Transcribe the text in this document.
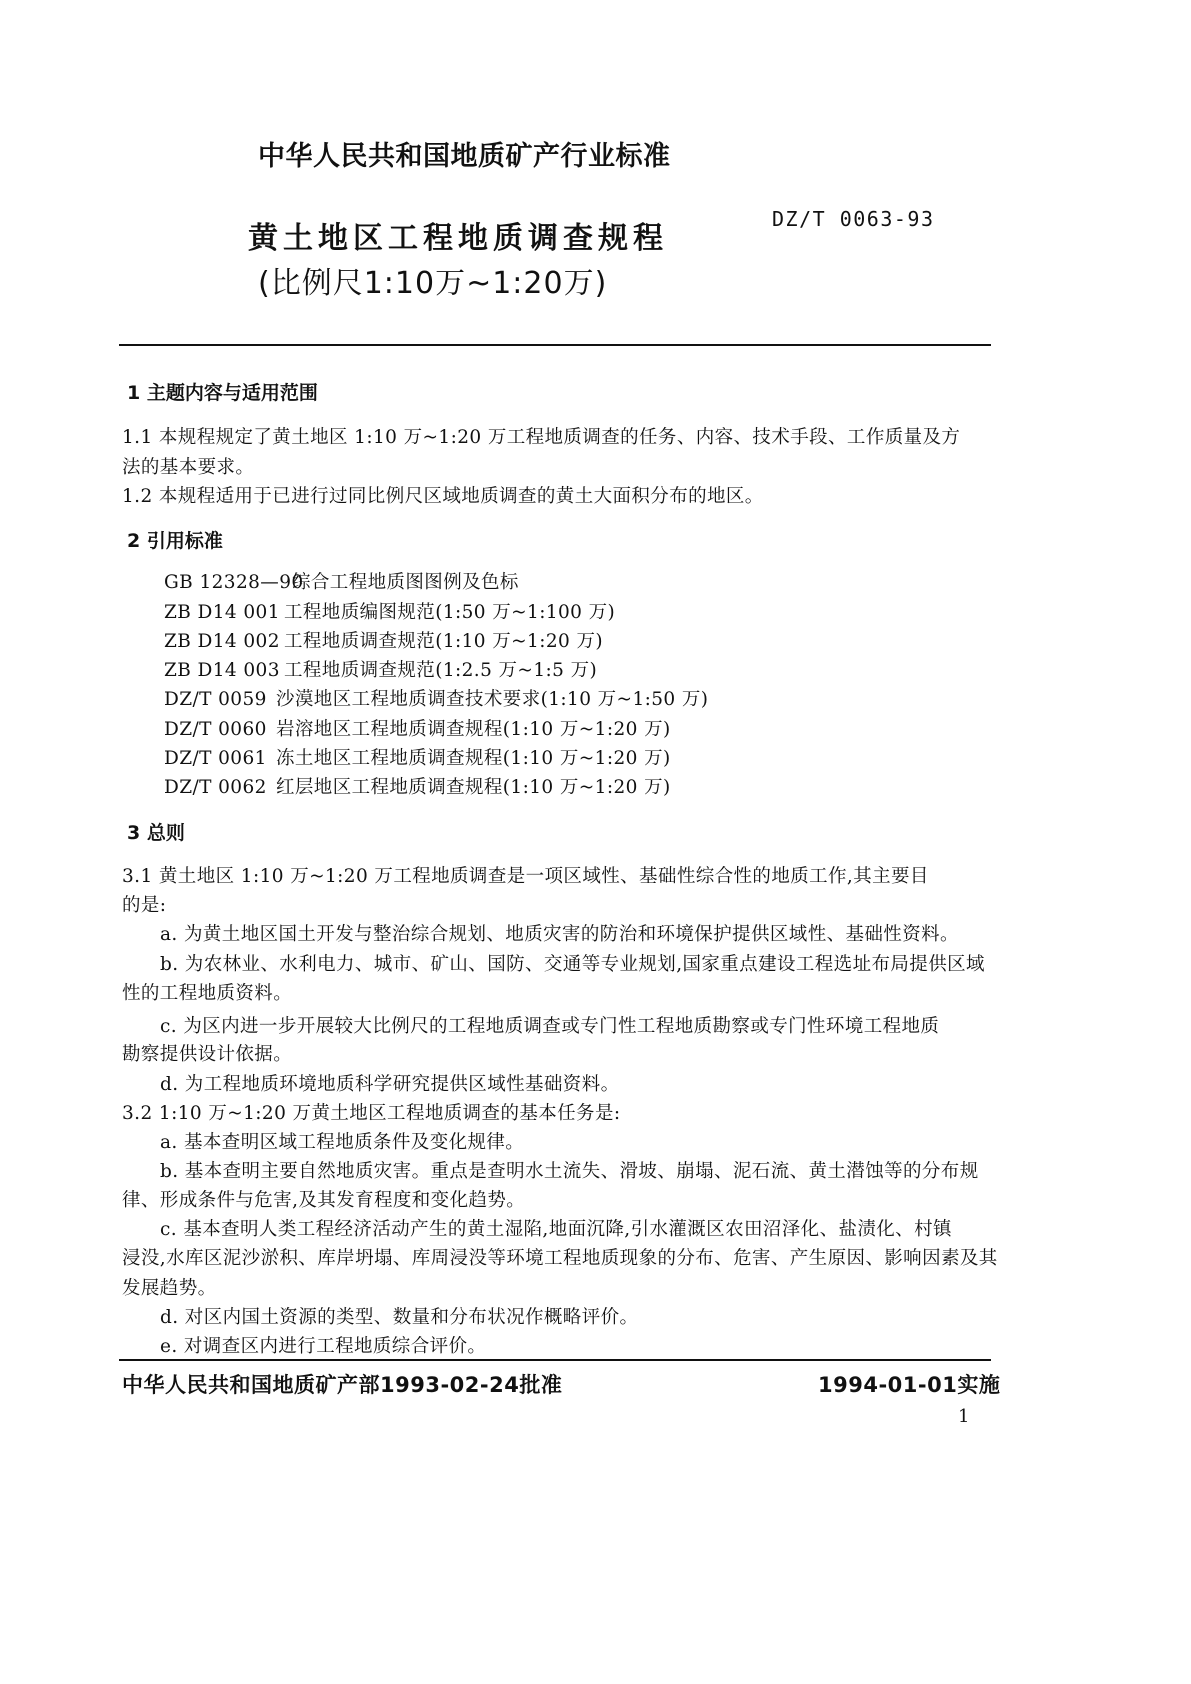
中华人民共和国地质矿产行业标准
黄土地区工程地质调查规程
DZ/T 0063-93
(比例尺1:10万~1:20万)
1 主题内容与适用范围
1.1 本规程规定了黄土地区 1:10 万~1:20 万工程地质调查的任务、内容、技术手段、工作质量及方
法的基本要求。
1.2 本规程适用于已进行过同比例尺区域地质调查的黄土大面积分布的地区。
2 引用标准
GB 12328—90综合工程地质图图例及色标
ZB D14 001 工程地质编图规范(1:50 万~1:100 万)
ZB D14 002 工程地质调查规范(1:10 万~1:20 万)
ZB D14 003 工程地质调查规范(1:2.5 万~1:5 万)
DZ/T 0059 沙漠地区工程地质调查技术要求(1:10 万~1:50 万)
DZ/T 0060 岩溶地区工程地质调查规程(1:10 万~1:20 万)
DZ/T 0061 冻土地区工程地质调查规程(1:10 万~1:20 万)
DZ/T 0062 红层地区工程地质调查规程(1:10 万~1:20 万)
3 总则
3.1 黄土地区 1:10 万~1:20 万工程地质调查是一项区域性、基础性综合性的地质工作,其主要目
的是:
a. 为黄土地区国土开发与整治综合规划、地质灾害的防治和环境保护提供区域性、基础性资料。
b. 为农林业、水利电力、城市、矿山、国防、交通等专业规划,国家重点建设工程选址布局提供区域
性的工程地质资料。
c. 为区内进一步开展较大比例尺的工程地质调查或专门性工程地质勘察或专门性环境工程地质
勘察提供设计依据。
d. 为工程地质环境地质科学研究提供区域性基础资料。
3.2 1:10 万~1:20 万黄土地区工程地质调查的基本任务是:
a. 基本查明区域工程地质条件及变化规律。
b. 基本查明主要自然地质灾害。重点是查明水土流失、滑坡、崩塌、泥石流、黄土潜蚀等的分布规
律、形成条件与危害,及其发育程度和变化趋势。
c. 基本查明人类工程经济活动产生的黄土湿陷,地面沉降,引水灌溉区农田沼泽化、盐渍化、村镇
浸没,水库区泥沙淤积、库岸坍塌、库周浸没等环境工程地质现象的分布、危害、产生原因、影响因素及其
发展趋势。
d. 对区内国土资源的类型、数量和分布状况作概略评价。
e. 对调查区内进行工程地质综合评价。
中华人民共和国地质矿产部1993-02-24批准	1994-01-01实施
1
